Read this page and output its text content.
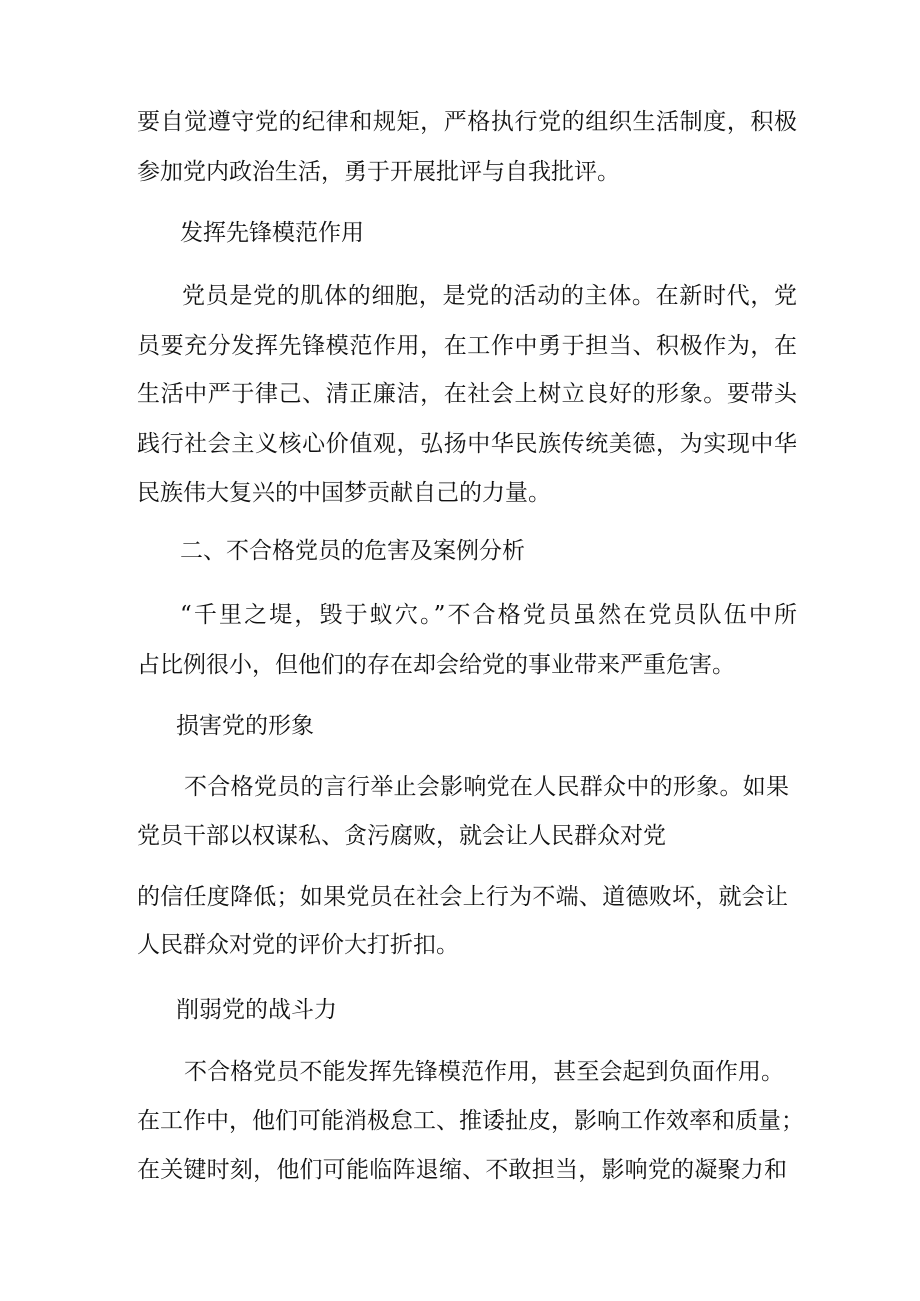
要自觉遵守党的纪律和规矩，严格执行党的组织生活制度，积极
参加党内政治生活，勇于开展批评与自我批评。
发挥先锋模范作用
党员是党的肌体的细胞，是党的活动的主体。在新时代，党
员要充分发挥先锋模范作用，在工作中勇于担当、积极作为，在
生活中严于律己、清正廉洁，在社会上树立良好的形象。要带头
践行社会主义核心价值观，弘扬中华民族传统美德，为实现中华
民族伟大复兴的中国梦贡献自己的力量。
二、不合格党员的危害及案例分析
“千里之堤，毁于蚁穴。”不合格党员虽然在党员队伍中所
占比例很小，但他们的存在却会给党的事业带来严重危害。
损害党的形象
不合格党员的言行举止会影响党在人民群众中的形象。如果
党员干部以权谋私、贪污腐败，就会让人民群众对党
的信任度降低；如果党员在社会上行为不端、道德败坏，就会让
人民群众对党的评价大打折扣。
削弱党的战斗力
不合格党员不能发挥先锋模范作用，甚至会起到负面作用。
在工作中，他们可能消极怠工、推诿扯皮，影响工作效率和质量；
在关键时刻，他们可能临阵退缩、不敢担当，影响党的凝聚力和
